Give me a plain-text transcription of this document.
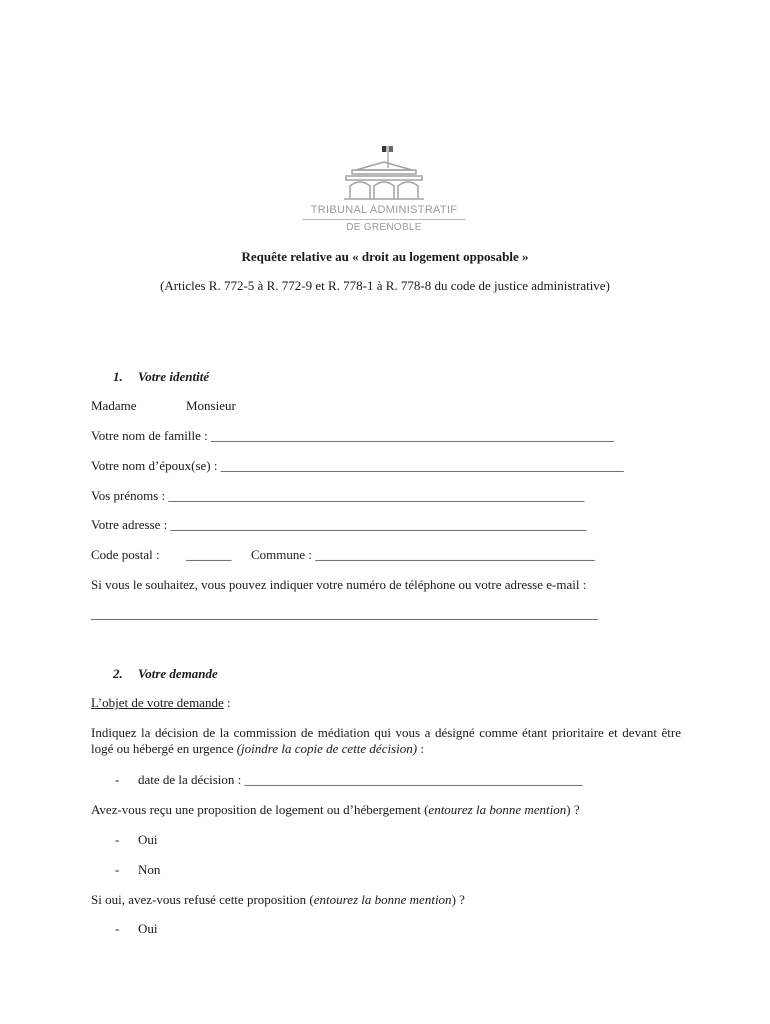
TRIBUNAL ADMINISTRATIF
DE GRENOBLE
Requête relative au « droit au logement opposable »
(Articles R. 772-5 à R. 772-9 et R. 778-1 à R. 778-8 du code de justice administrative)
1. Votre identité
Madame	Monsieur
Votre nom de famille : ______________________________________________________________
Votre nom d’époux(se) : ______________________________________________________________
Vos prénoms : ________________________________________________________________
Votre adresse : ________________________________________________________________
Code postal : _______ Commune : ___________________________________________
Si vous le souhaitez, vous pouvez indiquer votre numéro de téléphone ou votre adresse e-mail :
______________________________________________________________________________
2. Votre demande
L’objet de votre demande :
Indiquez la décision de la commission de médiation qui vous a désigné comme étant prioritaire et devant être logé ou hébergé en urgence (joindre la copie de cette décision) :
- date de la décision : ____________________________________________________
Avez-vous reçu une proposition de logement ou d’hébergement (entourez la bonne mention) ?
- Oui
- Non
Si oui, avez-vous refusé cette proposition (entourez la bonne mention) ?
- Oui
